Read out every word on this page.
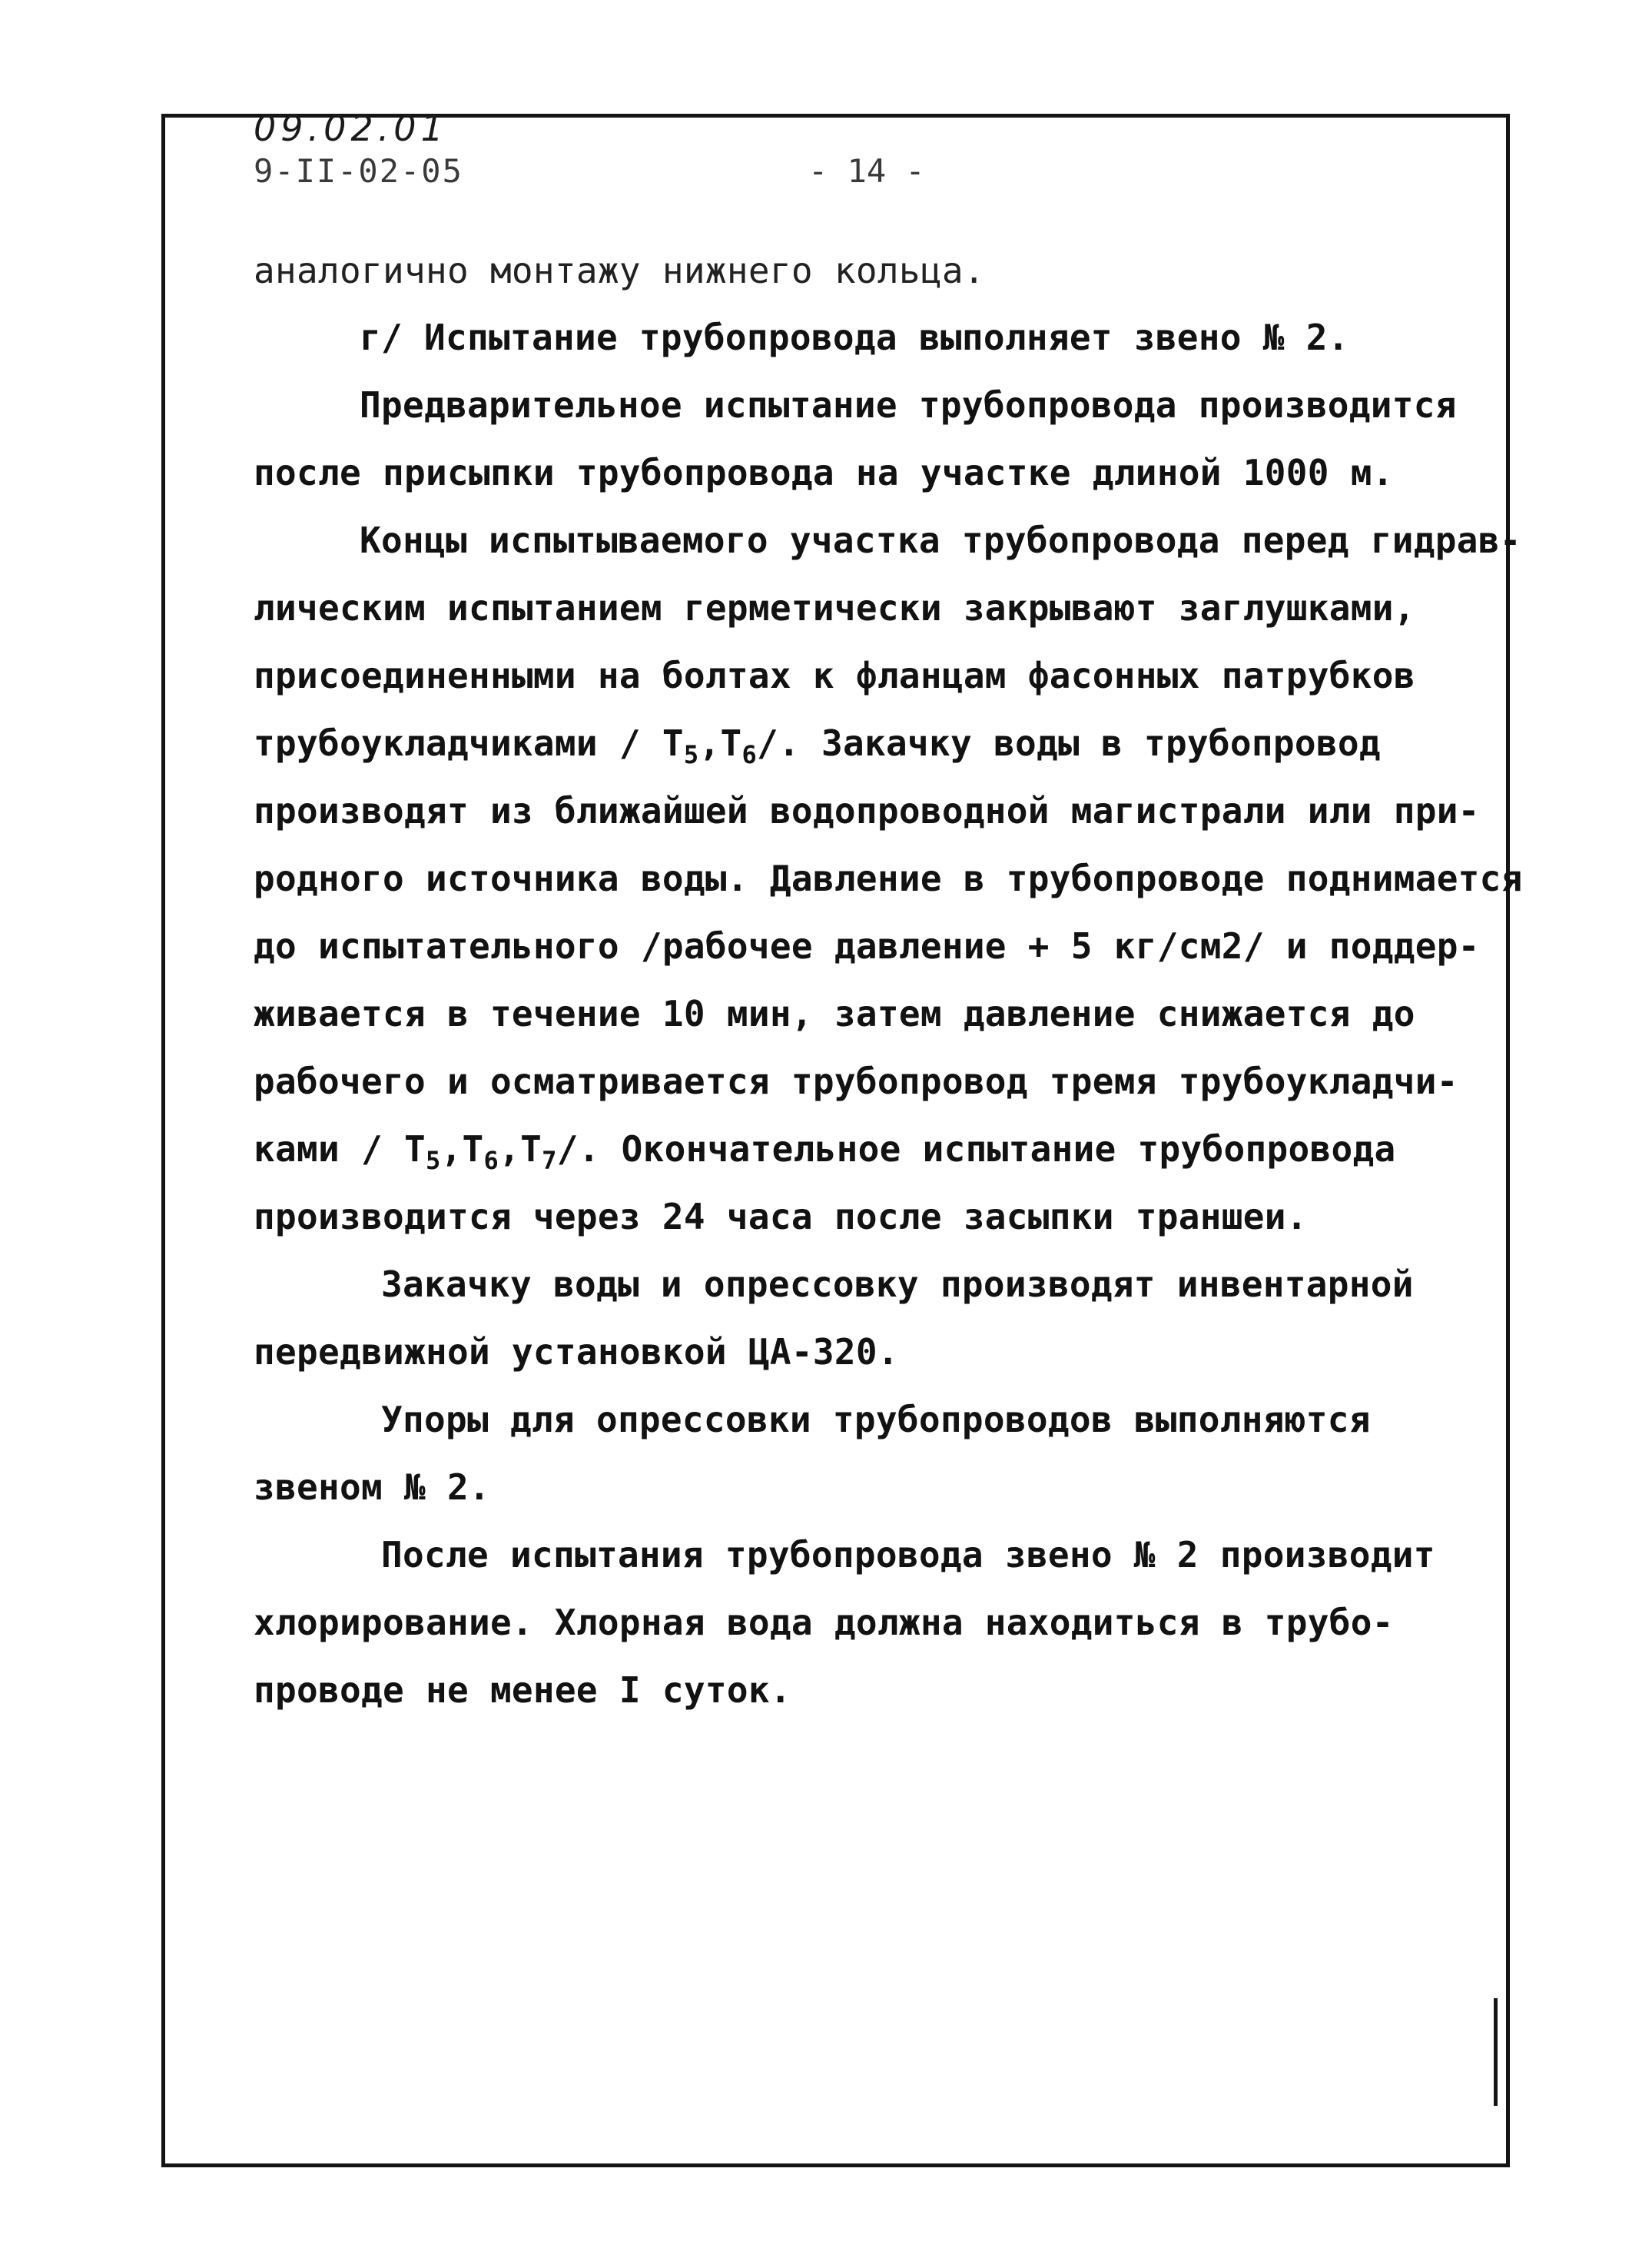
09.02.01
9-II-02-05	- 14 -
аналогично монтажу нижнего кольца.
г/ Испытание трубопровода выполняет звено № 2.
Предварительное испытание трубопровода производится
после присыпки трубопровода на участке длиной 1000 м.
Концы испытываемого участка трубопровода перед гидрав-
лическим испытанием герметически закрывают заглушками,
присоединенными на болтах к фланцам фасонных патрубков
трубоукладчиками / $Т_5,Т_6/$. Закачку воды в трубопровод
производят из ближайшей водопроводной магистрали или при-
родного источника воды. Давление в трубопроводе поднимается
до испытательного /рабочее давление + 5 кг/см2/ и поддер-
живается в течение 10 мин, затем давление снижается до
рабочего и осматривается трубопровод тремя трубоукладчи-
ками / $Т_5,Т_6,Т_7/$. Окончательное испытание трубопровода
производится через 24 часа после засыпки траншеи.
Закачку воды и опрессовку производят инвентарной
передвижной установкой ЦА-320.
Упоры для опрессовки трубопроводов выполняются
звеном № 2.
После испытания трубопровода звено № 2 производит
хлорирование. Хлорная вода должна находиться в трубо-
проводе не менее I суток.
